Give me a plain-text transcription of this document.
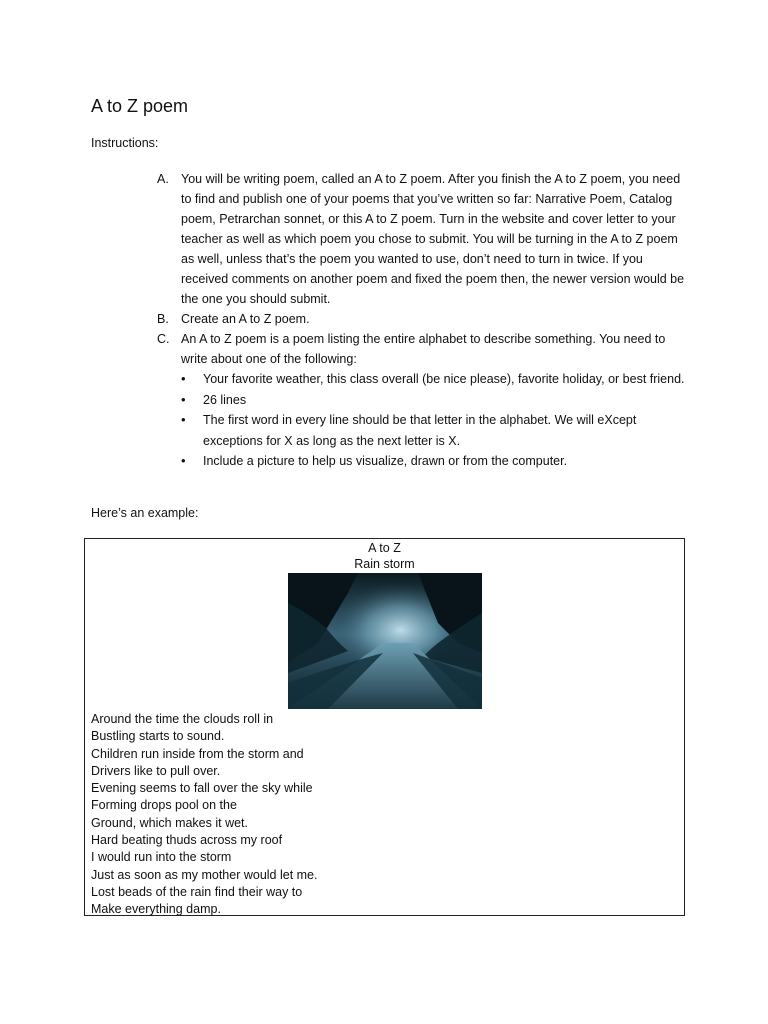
A to Z poem
Instructions:
A. You will be writing poem, called an A to Z poem. After you finish the A to Z poem, you need to find and publish one of your poems that you’ve written so far: Narrative Poem, Catalog poem, Petrarchan sonnet, or this A to Z poem. Turn in the website and cover letter to your teacher as well as which poem you chose to submit. You will be turning in the A to Z poem as well, unless that’s the poem you wanted to use, don’t need to turn in twice. If you received comments on another poem and fixed the poem then, the newer version would be the one you should submit.
B. Create an A to Z poem.
C. An A to Z poem is a poem listing the entire alphabet to describe something. You need to write about one of the following:
• Your favorite weather, this class overall (be nice please), favorite holiday, or best friend.
• 26 lines
• The first word in every line should be that letter in the alphabet. We will eXcept exceptions for X as long as the next letter is X.
• Include a picture to help us visualize, drawn or from the computer.
Here’s an example:
A to Z
Rain storm
Around the time the clouds roll in
Bustling starts to sound.
Children run inside from the storm and
Drivers like to pull over.
Evening seems to fall over the sky while
Forming drops pool on the
Ground, which makes it wet.
Hard beating thuds across my roof
I would run into the storm
Just as soon as my mother would let me.
Lost beads of the rain find their way to
Make everything damp.
